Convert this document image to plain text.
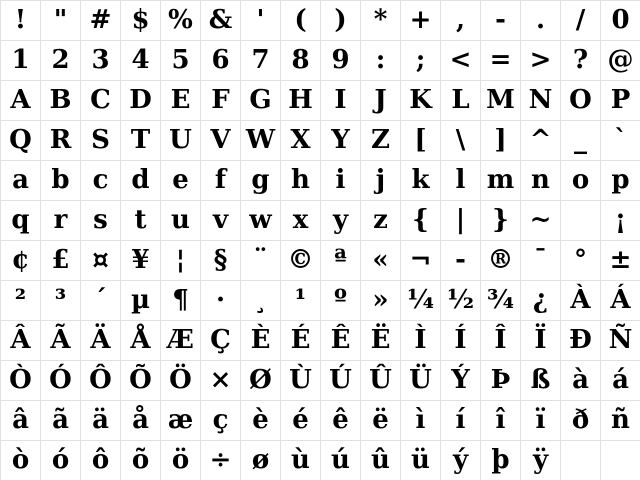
!	" # $ % & '	(	)	* + ,	-	.	/	0
1 2 3 4 5 6 7 8 9	:	; < = > ? @
A B C D E F G H I	J K L M N O P
Q R S T U V W X Y Z [	\	] ^ _	`
a b c d e	f g h i	j	k	l m n o p
q r s	t u v w x y z {	|	} ~	¡
¢ £ ¤ ¥	¦	§	¨ © ª « ¬ - ® ¯	° ±
²	³	´ µ ¶	·	¸	¹	º » ¼ ½ ¾ ¿ À Á
Â Ã Ä Å Æ Ç È É Ê Ë Ì	Í	Î	Ï Ð Ñ
Ò Ó Ô Õ Ö × Ø Ù Ú Û Ü Ý Þ ß à á
â ã ä å æ ç è é ê ë	ì	í	î	ï	ð ñ
ò ó ô õ ö ÷ ø ù ú û ü ý þ ÿ
